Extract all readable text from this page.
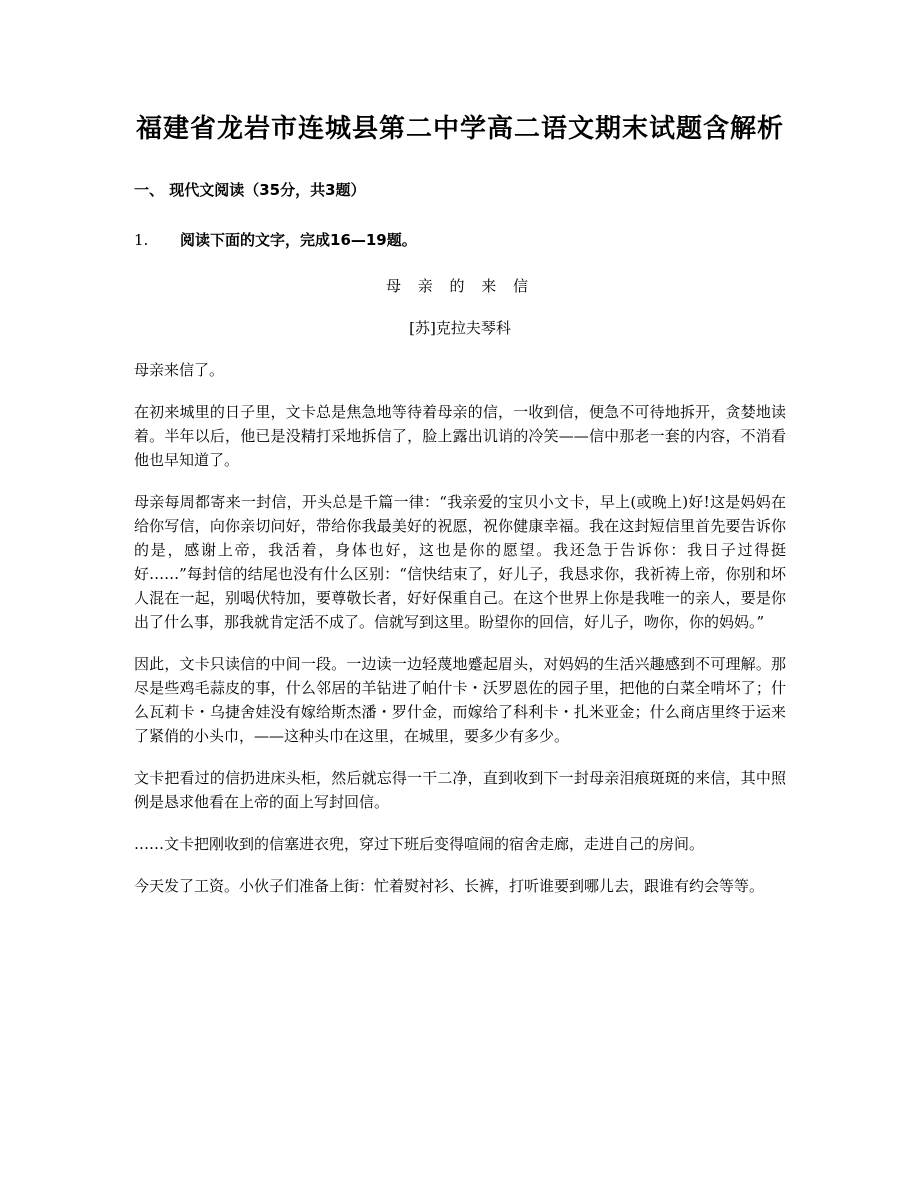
福建省龙岩市连城县第二中学高二语文期末试题含解析
一、 现代文阅读（35分，共3题）
1.	阅读下面的文字，完成16—19题。
母 亲 的 来 信
[苏]克拉夫琴科

母亲来信了。

在初来城里的日子里，文卡总是焦急地等待着母亲的信，一收到信，便急不可待地拆开，贪婪地读着。半年以后，他已是没精打采地拆信了，脸上露出讥诮的冷笑——信中那老一套的内容，不消看他也早知道了。

母亲每周都寄来一封信，开头总是千篇一律：“我亲爱的宝贝小文卡，早上(或晚上)好!这是妈妈在给你写信，向你亲切问好，带给你我最美好的祝愿，祝你健康幸福。我在这封短信里首先要告诉你的是，感谢上帝，我活着，身体也好，这也是你的愿望。我还急于告诉你：我日子过得挺好……”每封信的结尾也没有什么区别：“信快结束了，好儿子，我恳求你，我祈祷上帝，你别和坏人混在一起，别喝伏特加，要尊敬长者，好好保重自己。在这个世界上你是我唯一的亲人，要是你出了什么事，那我就肯定活不成了。信就写到这里。盼望你的回信，好儿子，吻你，你的妈妈。”

因此，文卡只读信的中间一段。一边读一边轻蔑地蹙起眉头，对妈妈的生活兴趣感到不可理解。那尽是些鸡毛蒜皮的事，什么邻居的羊钻进了帕什卡・沃罗恩佐的园子里，把他的白菜全啃坏了；什么瓦莉卡・乌捷舍娃没有嫁给斯杰潘・罗什金，而嫁给了科利卡・扎米亚金；什么商店里终于运来了紧俏的小头巾，——这种头巾在这里，在城里，要多少有多少。

文卡把看过的信扔进床头柜，然后就忘得一干二净，直到收到下一封母亲泪痕斑斑的来信，其中照例是恳求他看在上帝的面上写封回信。

……文卡把刚收到的信塞进衣兜，穿过下班后变得喧闹的宿舍走廊，走进自己的房间。

今天发了工资。小伙子们准备上街：忙着熨衬衫、长裤，打听谁要到哪儿去，跟谁有约会等等。
